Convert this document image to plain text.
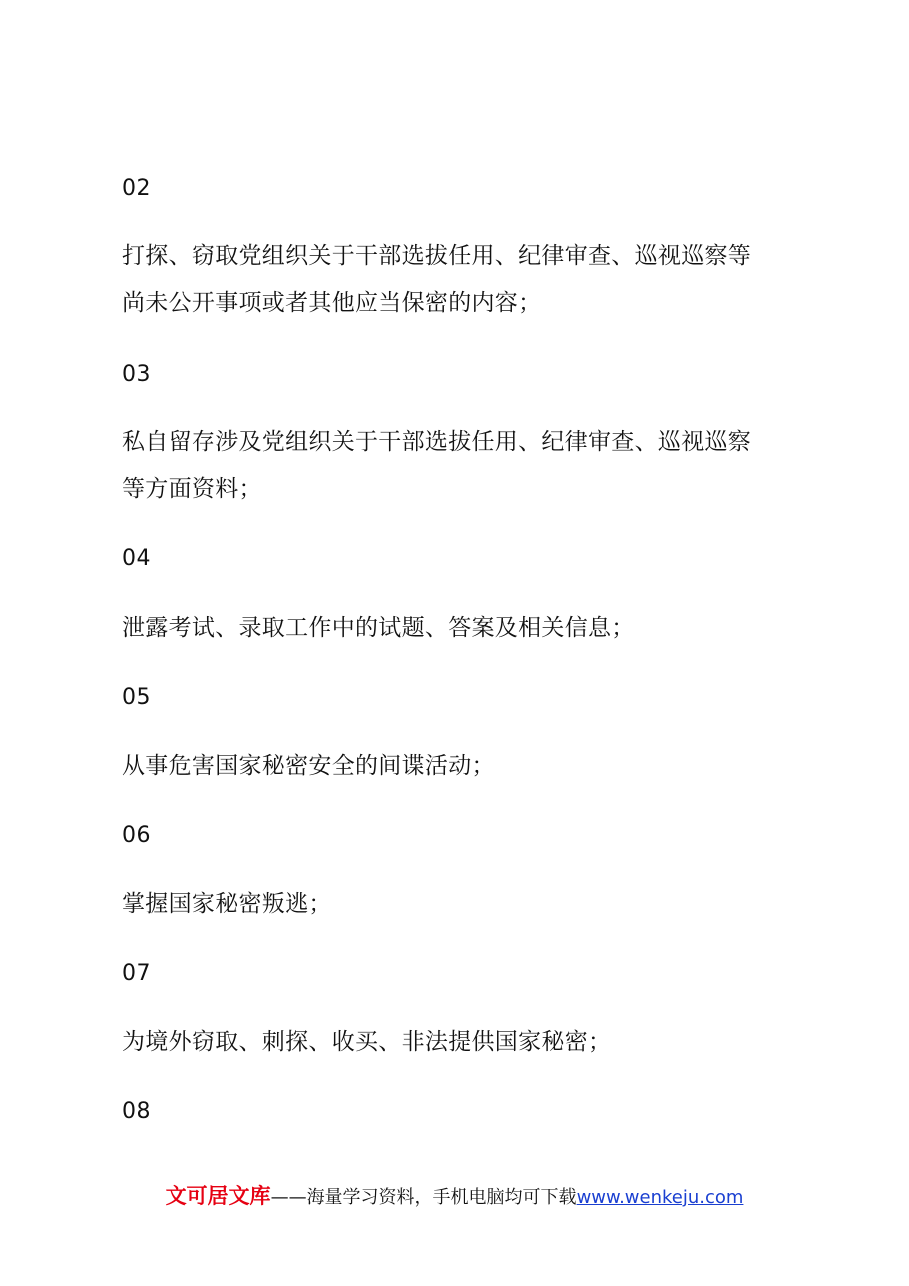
02
打探、窃取党组织关于干部选拔任用、纪律审查、巡视巡察等
尚未公开事项或者其他应当保密的内容；
03
私自留存涉及党组织关于干部选拔任用、纪律审查、巡视巡察
等方面资料；
04
泄露考试、录取工作中的试题、答案及相关信息；
05
从事危害国家秘密安全的间谍活动；
06
掌握国家秘密叛逃；
07
为境外窃取、刺探、收买、非法提供国家秘密；
08
文可居文库——海量学习资料，手机电脑均可下载www.wenkeju.com
